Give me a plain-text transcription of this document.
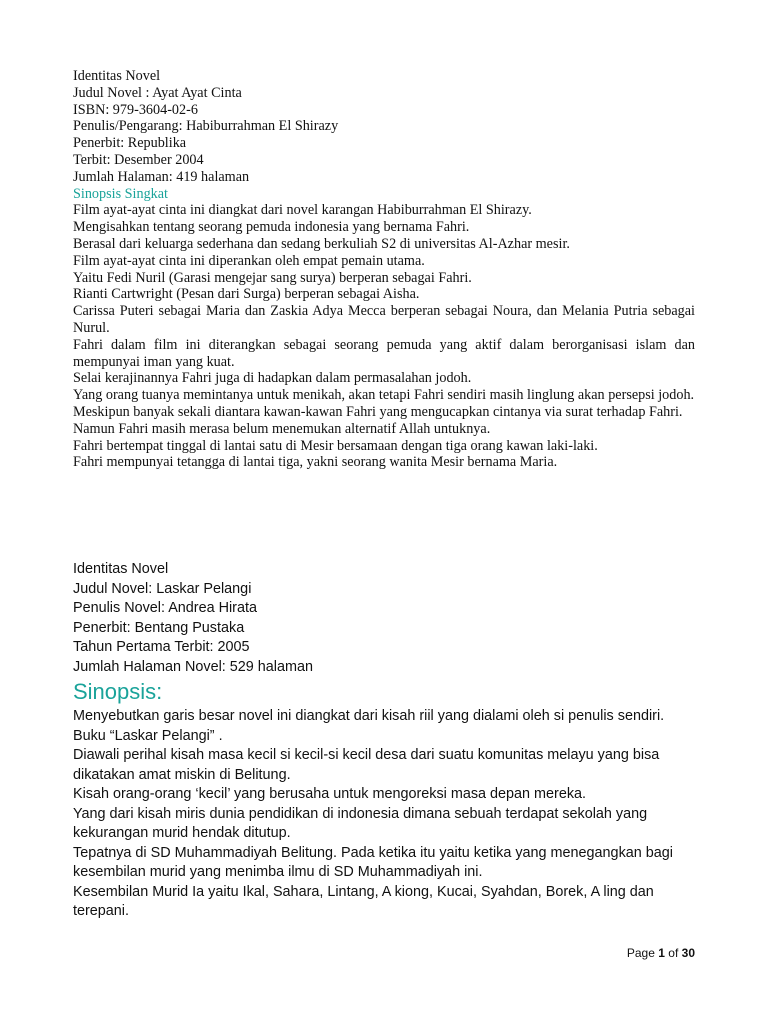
Identitas Novel
Judul Novel : Ayat Ayat Cinta
ISBN: 979-3604-02-6
Penulis/Pengarang: Habiburrahman El Shirazy
Penerbit: Republika
Terbit: Desember 2004
Jumlah Halaman: 419 halaman
Sinopsis Singkat
Film ayat-ayat cinta ini diangkat dari novel karangan Habiburrahman El Shirazy.
Mengisahkan tentang seorang pemuda indonesia yang bernama Fahri.
Berasal dari keluarga sederhana dan sedang berkuliah S2 di universitas Al-Azhar mesir.
Film ayat-ayat cinta ini diperankan oleh empat pemain utama.
Yaitu Fedi Nuril (Garasi mengejar sang surya) berperan sebagai Fahri.
Rianti Cartwright (Pesan dari Surga) berperan sebagai Aisha.
Carissa Puteri sebagai Maria dan Zaskia Adya Mecca berperan sebagai Noura, dan Melania Putria sebagai Nurul.
Fahri dalam film ini diterangkan sebagai seorang pemuda yang aktif dalam berorganisasi islam dan mempunyai iman yang kuat.
Selai kerajinannya Fahri juga di hadapkan dalam permasalahan jodoh.
Yang orang tuanya memintanya untuk menikah, akan tetapi Fahri sendiri masih linglung akan persepsi jodoh.
Meskipun banyak sekali diantara kawan-kawan Fahri yang mengucapkan cintanya via surat terhadap Fahri.
Namun Fahri masih merasa belum menemukan alternatif Allah untuknya.
Fahri bertempat tinggal di lantai satu di Mesir bersamaan dengan tiga orang kawan laki-laki.
Fahri mempunyai tetangga di lantai tiga, yakni seorang wanita Mesir bernama Maria.
Identitas Novel
Judul Novel: Laskar Pelangi
Penulis Novel: Andrea Hirata
Penerbit: Bentang Pustaka
Tahun Pertama Terbit: 2005
Jumlah Halaman Novel: 529 halaman
Sinopsis:
Menyebutkan garis besar novel ini diangkat dari kisah riil yang dialami oleh si penulis sendiri. Buku “Laskar Pelangi” .
Diawali perihal kisah masa kecil si kecil-si kecil desa dari suatu komunitas melayu yang bisa dikatakan amat miskin di Belitung.
Kisah orang-orang ‘kecil’ yang berusaha untuk mengoreksi masa depan mereka.
Yang dari kisah miris dunia pendidikan di indonesia dimana sebuah terdapat sekolah yang kekurangan murid hendak ditutup.
Tepatnya di SD Muhammadiyah Belitung. Pada ketika itu yaitu ketika yang menegangkan bagi kesembilan murid yang menimba ilmu di SD Muhammadiyah ini.
Kesembilan Murid Ia yaitu Ikal, Sahara, Lintang, A kiong, Kucai, Syahdan, Borek, A ling dan terepani.
Page 1 of 30
